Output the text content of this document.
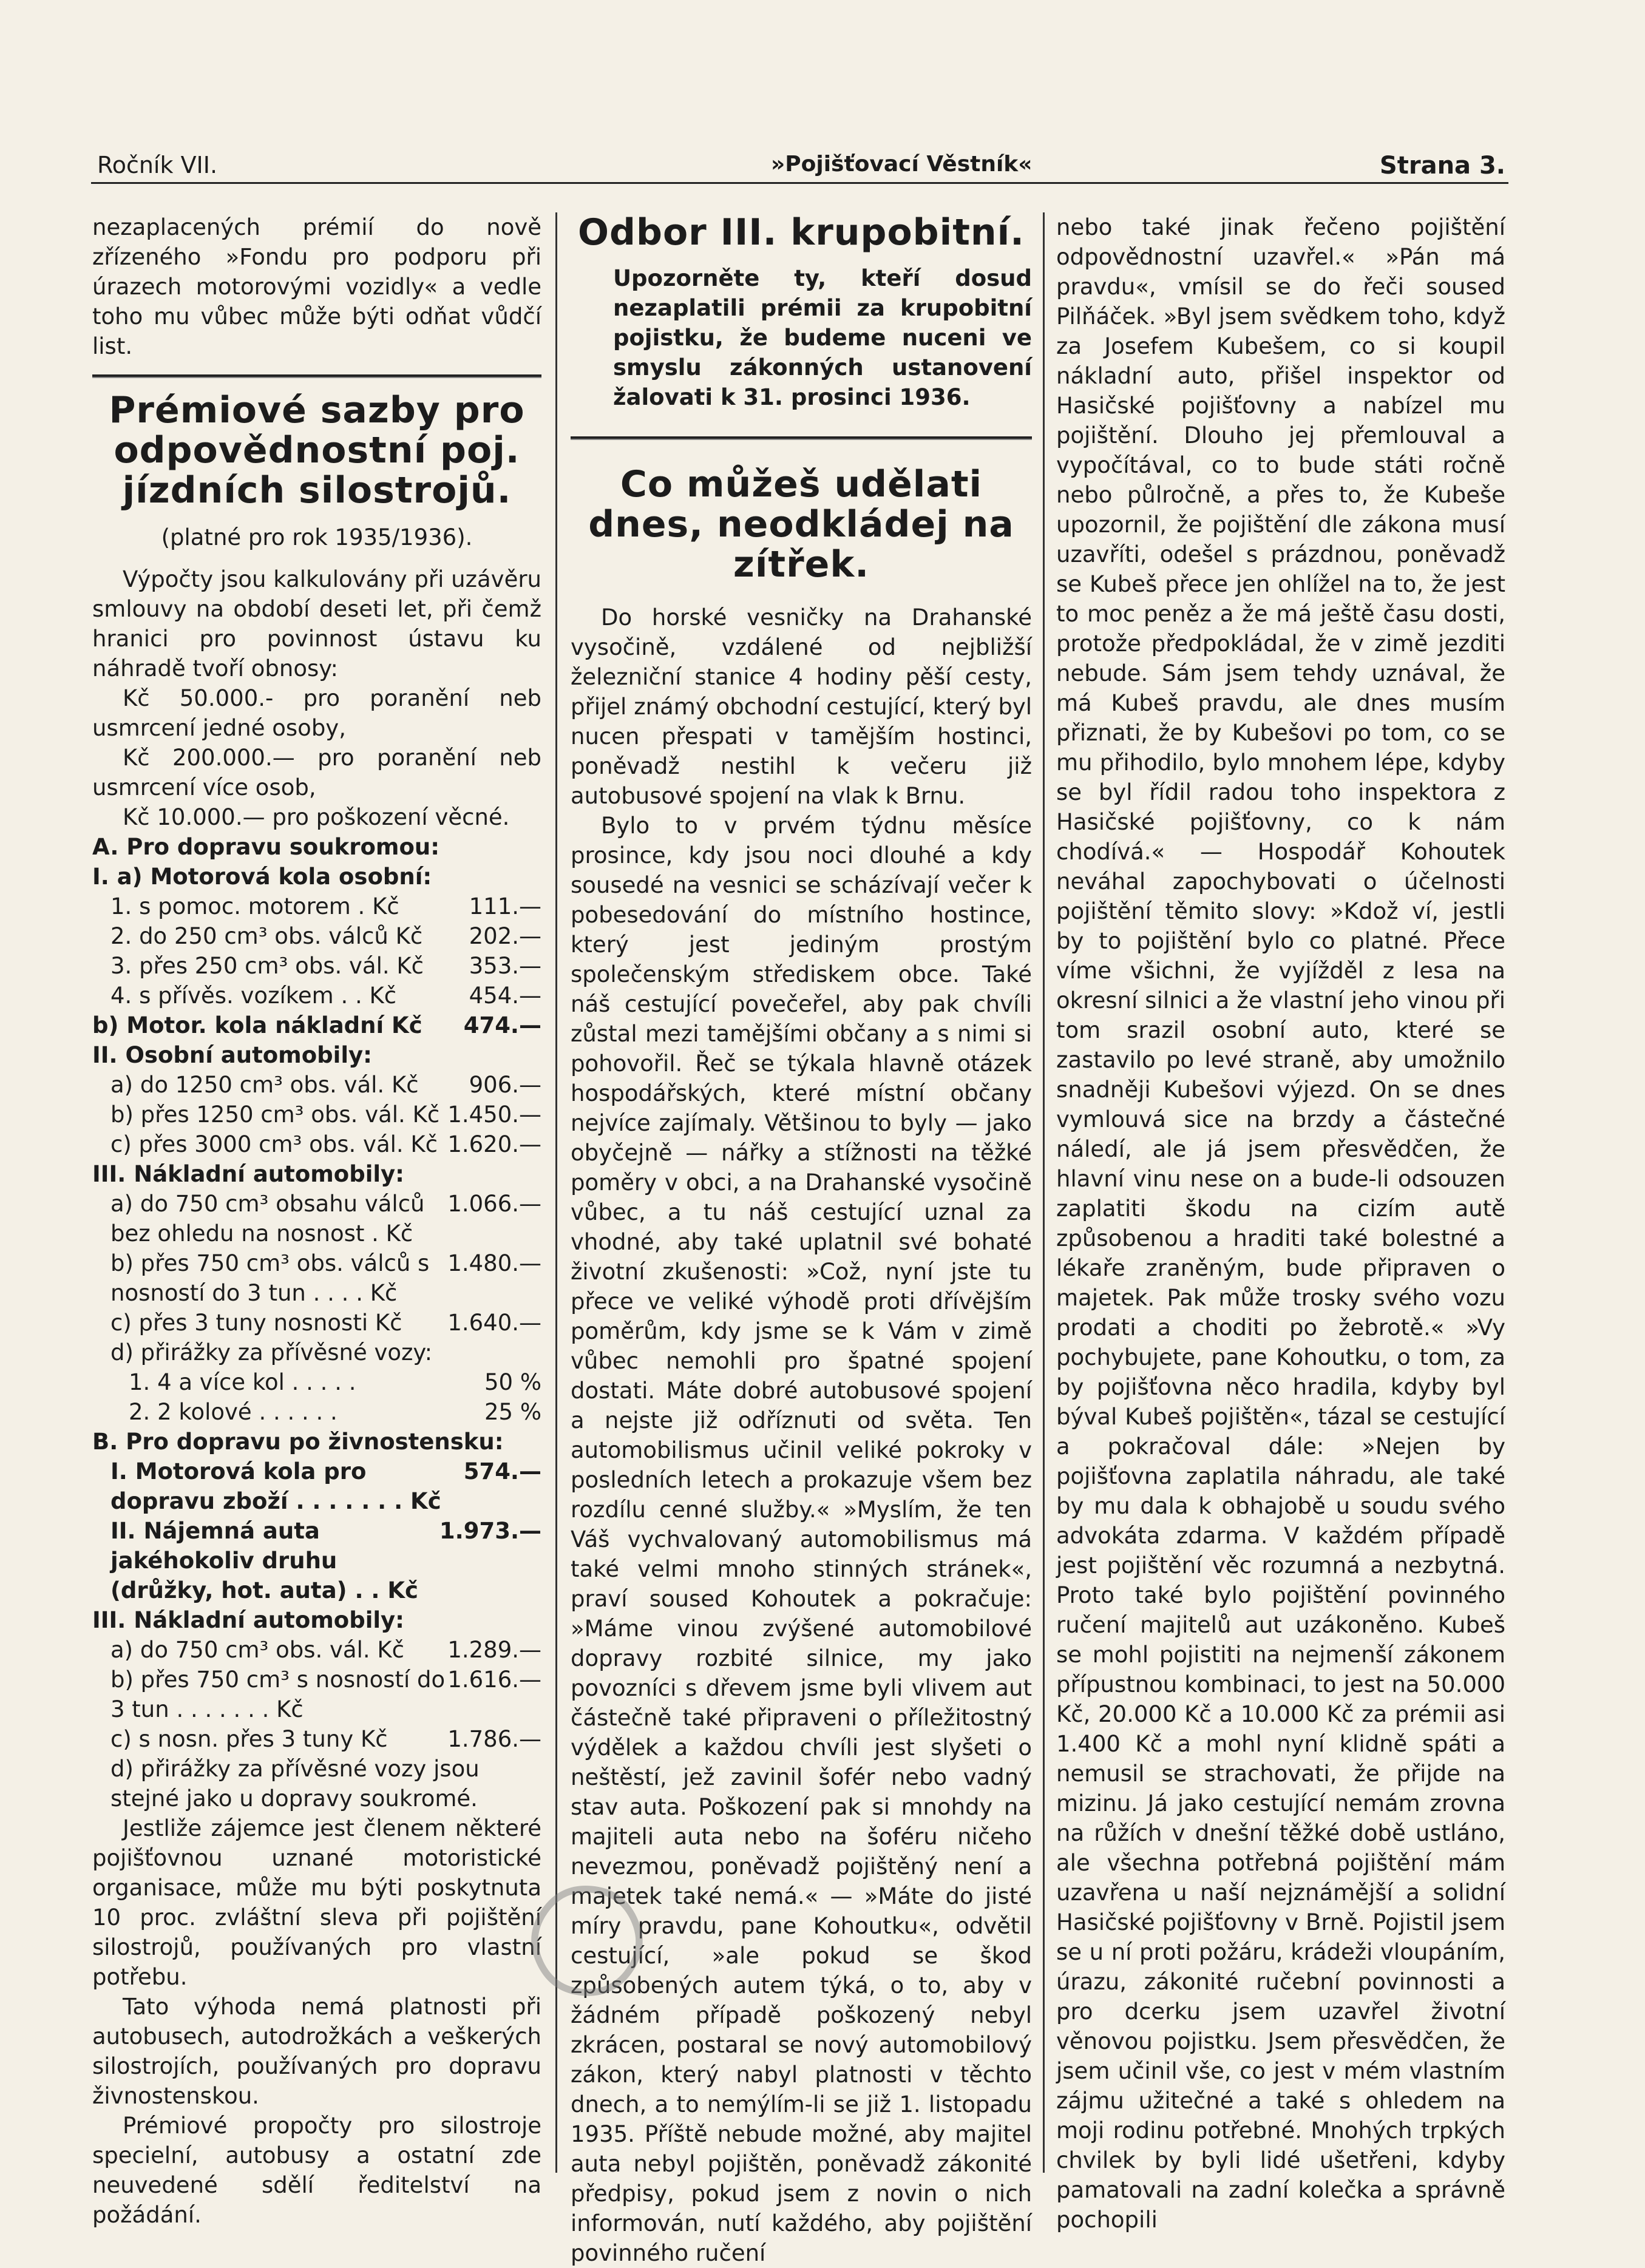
Ročník VII.	»Pojišťovací Věstník«	Strana 3.

nezaplacených prémií do nově zřízeného »Fondu pro podporu při úrazech motorovými vozidly« a vedle toho mu vůbec může býti odňat vůdčí list.

Prémiové sazby pro odpovědnostní poj. jízdních silostrojů.

(platné pro rok 1935/1936).

Výpočty jsou kalkulovány při uzávěru smlouvy na období deseti let, při čemž hranici pro povinnost ústavu ku náhradě tvoří obnosy:

Kč 50.000.- pro poranění neb usmrcení jedné osoby,

Kč 200.000.— pro poranění neb usmrcení více osob,

Kč 10.000.— pro poškození věcné.

A. Pro dopravu soukromou:

I. a) Motorová kola osobní:

1. s pomoc. motorem . Kč	111.—
2. do 250 cm³ obs. válců Kč 202.—
3. přes 250 cm³ obs. vál. Kč 353.—
4. s přívěs. vozíkem . . Kč	454.—
b) Motor. kola nákladní Kč 474.—

II. Osobní automobily:

a) do 1250 cm³ obs. vál. Kč 906.—
b) přes 1250 cm³ obs. vál. Kč 1.450.—
c) přes 3000 cm³ obs. vál. Kč 1.620.—

III. Nákladní automobily:

a) do 750 cm³ obsahu válců bez ohledu na nosnost . Kč
1.066.—
b) přes 750 cm³ obs. válců s nosností do 3 tun . . . . Kč
1.480.—
c) přes 3 tuny nosnosti Kč 1.640.—
d) přirážky za přívěsné vozy:
1. 4 a více kol . . . . .	50 %
2. 2 kolové . . . . . .	25 %

B. Pro dopravu po živnostensku:

I. Motorová kola pro dopravu zboží . . . . . . . Kč
574.—
II. Nájemná auta jakéhokoliv druhu (drůžky, hot. auta) . . Kč
1.973.—

III. Nákladní automobily:

a) do 750 cm³ obs. vál. Kč 1.289.—
b) přes 750 cm³ s nosností do 3 tun . . . . . . . Kč
1.616.—
c) s nosn. přes 3 tuny Kč	1.786.—
d) přirážky za přívěsné vozy jsou stejné jako u dopravy soukromé.

Jestliže zájemce jest členem některé pojišťovnou uznané motoristické organisace, může mu býti poskytnuta 10 proc. zvláštní sleva při pojištění silostrojů, používaných pro vlastní potřebu.

Tato výhoda nemá platnosti při autobusech, autodrožkách a veškerých silostrojích, používaných pro dopravu živnostenskou.

Prémiové propočty pro silostroje specielní, autobusy a ostatní zde neuvedené sdělí ředitelství na požádání.

Odbor III. krupobitní.

Upozorněte ty, kteří dosud nezaplatili prémii za krupobitní pojistku, že budeme nuceni ve smyslu zákonných ustanovení žalovati k 31. prosinci 1936.

Co můžeš udělati dnes, neodkládej na zítřek.

Do horské vesničky na Drahanské vysočině, vzdálené od nejbližší železniční stanice 4 hodiny pěší cesty, přijel známý obchodní cestující, který byl nucen přespati v tamějším hostinci, poněvadž nestihl k večeru již autobusové spojení na vlak k Brnu.

Bylo to v prvém týdnu měsíce prosince, kdy jsou noci dlouhé a kdy sousedé na vesnici se scházívají večer k pobesedování do místního hostince, který jest jediným prostým společenským střediskem obce. Také náš cestující povečeřel, aby pak chvíli zůstal mezi tamějšími občany a s nimi si pohovořil. Řeč se týkala hlavně otázek hospodářských, které místní občany nejvíce zajímaly. Většinou to byly — jako obyčejně — nářky a stížnosti na těžké poměry v obci, a na Drahanské vysočině vůbec, a tu náš cestující uznal za vhodné, aby také uplatnil své bohaté životní zkušenosti: »Což, nyní jste tu přece ve veliké výhodě proti dřívějším poměrům, kdy jsme se k Vám v zimě vůbec nemohli pro špatné spojení dostati. Máte dobré autobusové spojení a nejste již odříznuti od světa. Ten automobilismus učinil veliké pokroky v posledních letech a prokazuje všem bez rozdílu cenné služby.« »Myslím, že ten Váš vychvalovaný automobilismus má také velmi mnoho stinných stránek«, praví soused Kohoutek a pokračuje: »Máme vinou zvýšené automobilové dopravy rozbité silnice, my jako povozníci s dřevem jsme byli vlivem aut částečně také připraveni o příležitostný výdělek a každou chvíli jest slyšeti o neštěstí, jež zavinil šofér nebo vadný stav auta. Poškození pak si mnohdy na majiteli auta nebo na šoféru ničeho nevezmou, poněvadž pojištěný není a majetek také nemá.« — »Máte do jisté míry pravdu, pane Kohoutku«, odvětil cestující, »ale pokud se škod způsobených autem týká, o to, aby v žádném případě poškozený nebyl zkrácen, postaral se nový automobilový zákon, který nabyl platnosti v těchto dnech, a to nemýlím-li se již 1. listopadu 1935. Příště nebude možné, aby majitel auta nebyl pojištěn, poněvadž zákonité předpisy, pokud jsem z novin o nich informován, nutí každého, aby pojištění povinného ručení

nebo také jinak řečeno pojištění odpovědnostní uzavřel.« »Pán má pravdu«, vmísil se do řeči soused Pilňáček. »Byl jsem svědkem toho, když za Josefem Kubešem, co si koupil nákladní auto, přišel inspektor od Hasičské pojišťovny a nabízel mu pojištění. Dlouho jej přemlouval a vypočítával, co to bude státi ročně nebo půlročně, a přes to, že Kubeše upozornil, že pojištění dle zákona musí uzavříti, odešel s prázdnou, poněvadž se Kubeš přece jen ohlížel na to, že jest to moc peněz a že má ještě času dosti, protože předpokládal, že v zimě jezditi nebude. Sám jsem tehdy uznával, že má Kubeš pravdu, ale dnes musím přiznati, že by Kubešovi po tom, co se mu přihodilo, bylo mnohem lépe, kdyby se byl řídil radou toho inspektora z Hasičské pojišťovny, co k nám chodívá.« — Hospodář Kohoutek neváhal zapochybovati o účelnosti pojištění těmito slovy: »Kdož ví, jestli by to pojištění bylo co platné. Přece víme všichni, že vyjížděl z lesa na okresní silnici a že vlastní jeho vinou při tom srazil osobní auto, které se zastavilo po levé straně, aby umožnilo snadněji Kubešovi výjezd. On se dnes vymlouvá sice na brzdy a částečné náledí, ale já jsem přesvědčen, že hlavní vinu nese on a bude-li odsouzen zaplatiti škodu na cizím autě způsobenou a hraditi také bolestné a lékaře zraněným, bude připraven o majetek. Pak může trosky svého vozu prodati a choditi po žebrotě.« »Vy pochybujete, pane Kohoutku, o tom, za by pojišťovna něco hradila, kdyby byl býval Kubeš pojištěn«, tázal se cestující a pokračoval dále: »Nejen by pojišťovna zaplatila náhradu, ale také by mu dala k obhajobě u soudu svého advokáta zdarma. V každém případě jest pojištění věc rozumná a nezbytná. Proto také bylo pojištění povinného ručení majitelů aut uzákoněno. Kubeš se mohl pojistiti na nejmenší zákonem přípustnou kombinaci, to jest na 50.000 Kč, 20.000 Kč a 10.000 Kč za prémii asi 1.400 Kč a mohl nyní klidně spáti a nemusil se strachovati, že přijde na mizinu. Já jako cestující nemám zrovna na růžích v dnešní těžké době ustláno, ale všechna potřebná pojištění mám uzavřena u naší nejznámější a solidní Hasičské pojišťovny v Brně. Pojistil jsem se u ní proti požáru, krádeži vloupáním, úrazu, zákonité ručební povinnosti a pro dcerku jsem uzavřel životní věnovou pojistku. Jsem přesvědčen, že jsem učinil vše, co jest v mém vlastním zájmu užitečné a také s ohledem na moji rodinu potřebné. Mnohých trpkých chvilek by byli lidé ušetřeni, kdyby pamatovali na zadní kolečka a správně pochopili

◯
